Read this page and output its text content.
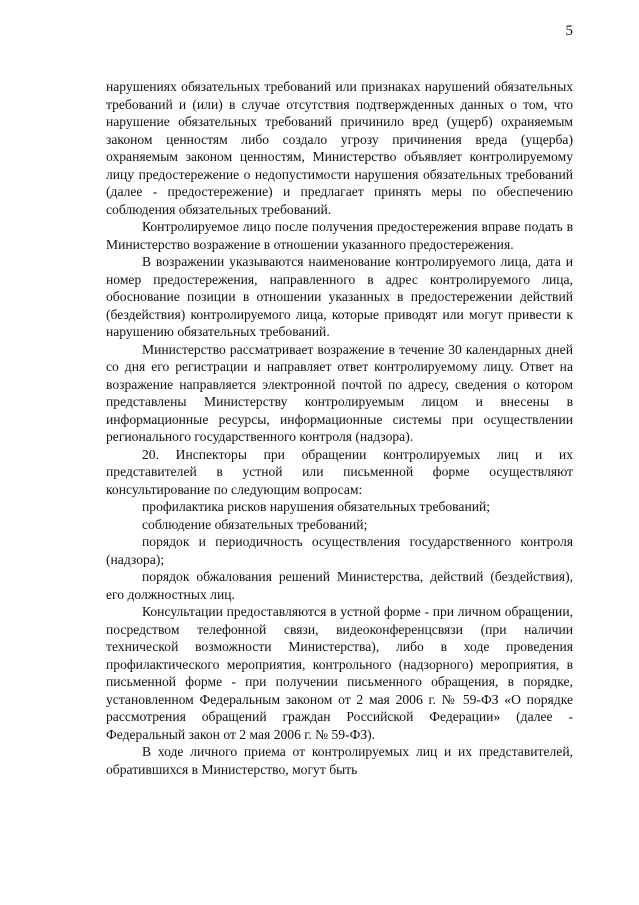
5

нарушениях обязательных требований или признаках нарушений обязательных требований и (или) в случае отсутствия подтвержденных данных о том, что нарушение обязательных требований причинило вред (ущерб) охраняемым законом ценностям либо создало угрозу причинения вреда (ущерба) охраняемым законом ценностям, Министерство объявляет контролируемому лицу предостережение о недопустимости нарушения обязательных требований (далее - предостережение) и предлагает принять меры по обеспечению соблюдения обязательных требований.

Контролируемое лицо после получения предостережения вправе подать в Министерство возражение в отношении указанного предостережения.

В возражении указываются наименование контролируемого лица, дата и номер предостережения, направленного в адрес контролируемого лица, обоснование позиции в отношении указанных в предостережении действий (бездействия) контролируемого лица, которые приводят или могут привести к нарушению обязательных требований.

Министерство рассматривает возражение в течение 30 календарных дней со дня его регистрации и направляет ответ контролируемому лицу. Ответ на возражение направляется электронной почтой по адресу, сведения о котором представлены Министерству контролируемым лицом и внесены в информационные ресурсы, информационные системы при осуществлении регионального государственного контроля (надзора).

20. Инспекторы при обращении контролируемых лиц и их представителей в устной или письменной форме осуществляют консультирование по следующим вопросам:

профилактика рисков нарушения обязательных требований;

соблюдение обязательных требований;

порядок и периодичность осуществления государственного контроля (надзора);

порядок обжалования решений Министерства, действий (бездействия), его должностных лиц.

Консультации предоставляются в устной форме - при личном обращении, посредством телефонной связи, видеоконференцсвязи (при наличии технической возможности Министерства), либо в ходе проведения профилактического мероприятия, контрольного (надзорного) мероприятия, в письменной форме - при получении письменного обращения, в порядке, установленном Федеральным законом от 2 мая 2006 г. № 59-ФЗ «О порядке рассмотрения обращений граждан Российской Федерации» (далее - Федеральный закон от 2 мая 2006 г. № 59-ФЗ).

В ходе личного приема от контролируемых лиц и их представителей, обратившихся в Министерство, могут быть
